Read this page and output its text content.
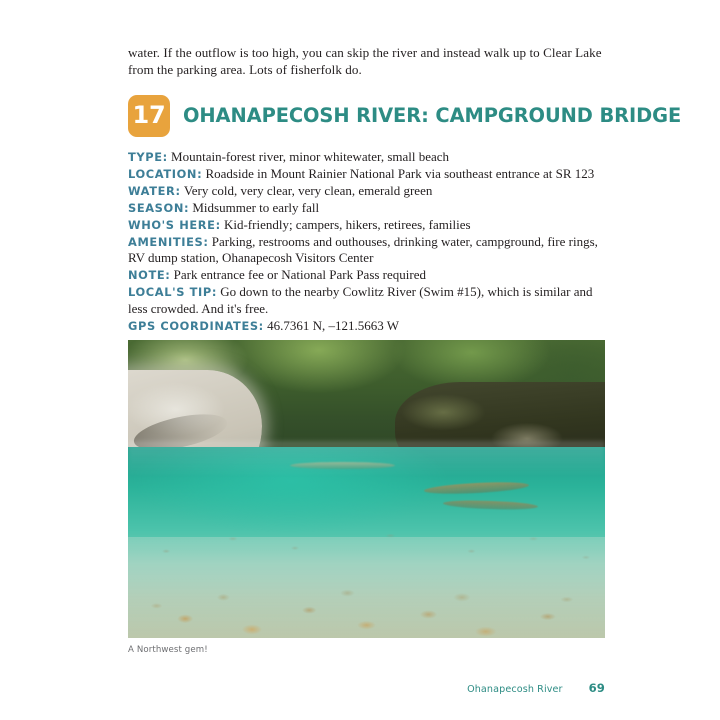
water. If the outflow is too high, you can skip the river and instead walk up to Clear Lake from the parking area. Lots of fisherfolk do.

17 OHANAPECOSH RIVER: CAMPGROUND BRIDGE

TYPE: Mountain-forest river, minor whitewater, small beach

LOCATION: Roadside in Mount Rainier National Park via southeast entrance at SR 123

WATER: Very cold, very clear, very clean, emerald green

SEASON: Midsummer to early fall

WHO'S HERE: Kid-friendly; campers, hikers, retirees, families

AMENITIES: Parking, restrooms and outhouses, drinking water, campground, fire rings, RV dump station, Ohanapecosh Visitors Center

NOTE: Park entrance fee or National Park Pass required

LOCAL'S TIP: Go down to the nearby Cowlitz River (Swim #15), which is similar and less crowded. And it's free.

GPS COORDINATES: 46.7361 N, –121.5663 W

A Northwest gem!
Ohanapecosh River 69
